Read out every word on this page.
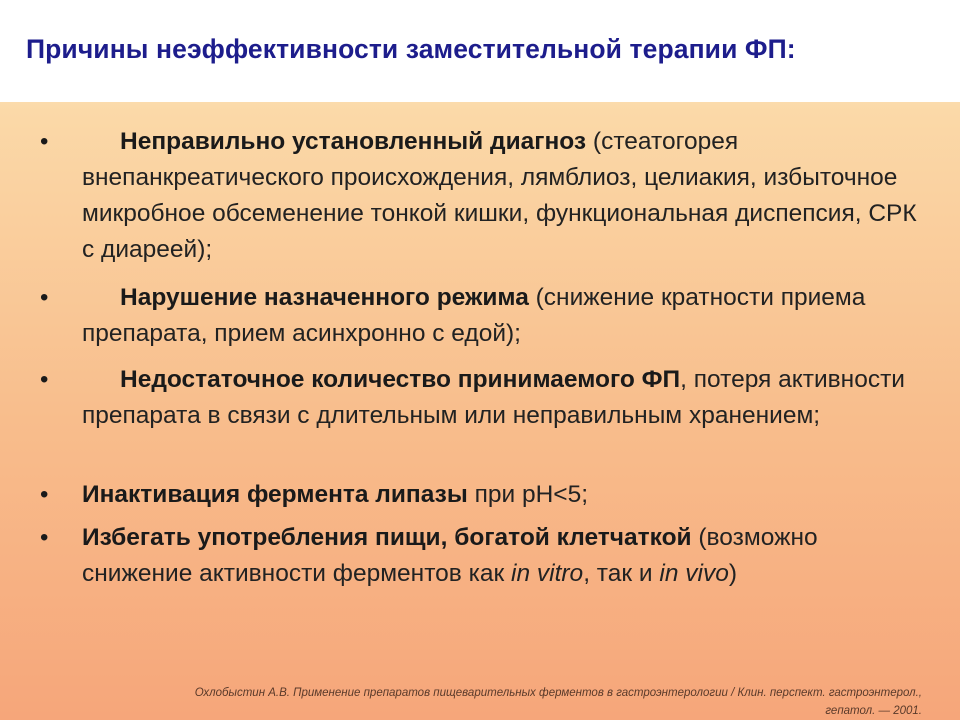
Причины неэффективности заместительной терапии ФП:
•	Неправильно установленный диагноз (стеатогорея внепанкреатического происхождения, лямблиоз, целиакия, избыточное микробное обсеменение тонкой кишки, функциональная диспепсия, СРК с диареей);
•	Нарушение назначенного режима (снижение кратности приема препарата, прием асинхронно с едой);
•	Недостаточное количество принимаемого ФП, потеря активности препарата в связи с длительным или неправильным хранением;
• Инактивация фермента липазы при pH<5;
• Избегать употребления пищи, богатой клетчаткой (возможно снижение активности ферментов как in vitro, так и in vivo)
Охлобыстин А.В. Применение препаратов пищеварительных ферментов в гастроэнтерологии / Клин. перспект. гастроэнтерол.,
гепатол. — 2001.
